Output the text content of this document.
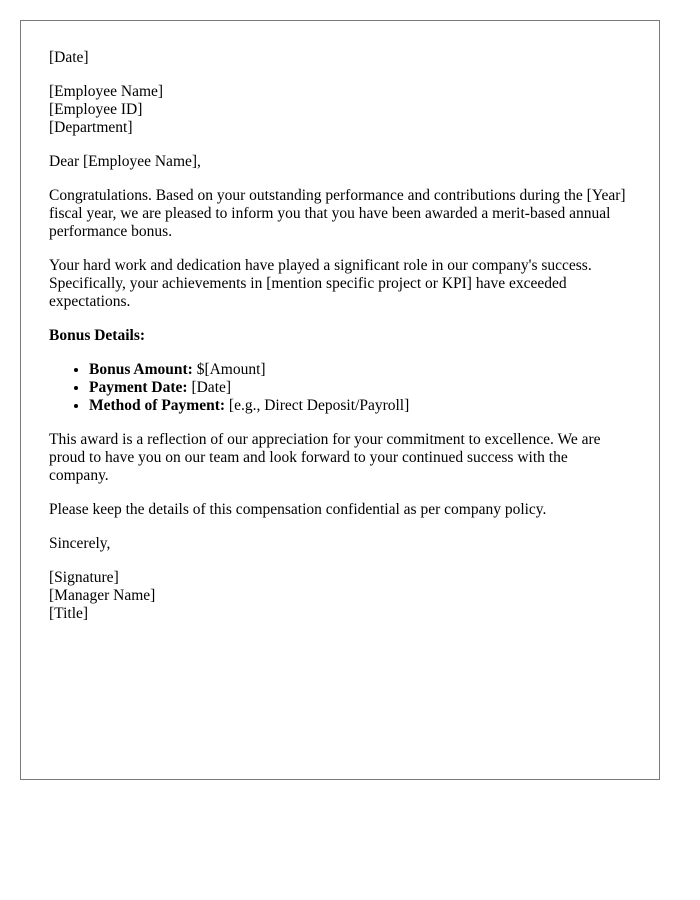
[Date]

[Employee Name]
[Employee ID]
[Department]

Dear [Employee Name],

Congratulations. Based on your outstanding performance and contributions during the [Year] fiscal year, we are pleased to inform you that you have been awarded a merit-based annual performance bonus.

Your hard work and dedication have played a significant role in our company's success. Specifically, your achievements in [mention specific project or KPI] have exceeded expectations.

Bonus Details:

• Bonus Amount: $[Amount]
• Payment Date: [Date]
• Method of Payment: [e.g., Direct Deposit/Payroll]

This award is a reflection of our appreciation for your commitment to excellence. We are proud to have you on our team and look forward to your continued success with the company.

Please keep the details of this compensation confidential as per company policy.

Sincerely,

[Signature]
[Manager Name]
[Title]
